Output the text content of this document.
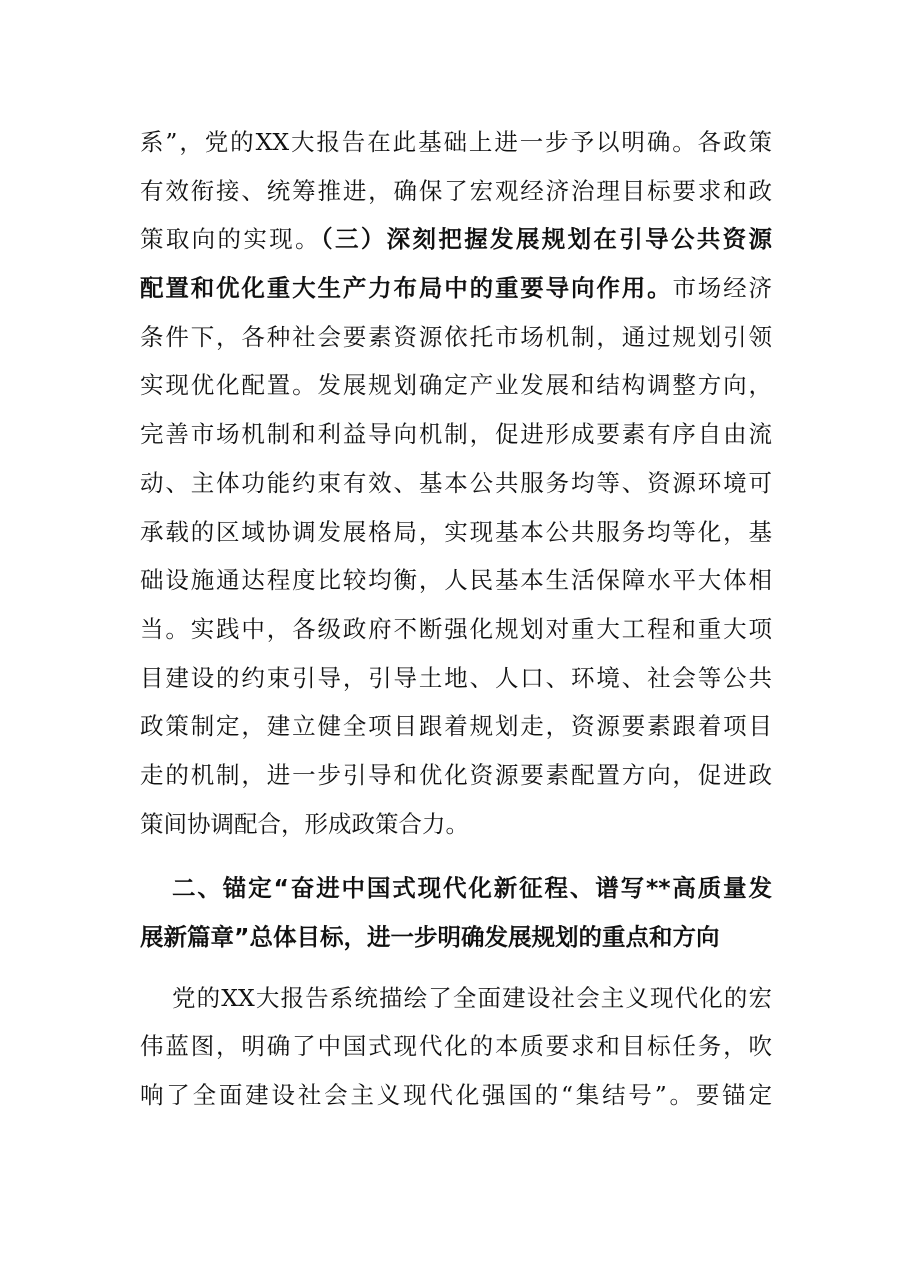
系”，党的XX大报告在此基础上进一步予以明确。各政策
有效衔接、统筹推进，确保了宏观经济治理目标要求和政
策取向的实现。（三）深刻把握发展规划在引导公共资源
配置和优化重大生产力布局中的重要导向作用。市场经济
条件下，各种社会要素资源依托市场机制，通过规划引领
实现优化配置。发展规划确定产业发展和结构调整方向，
完善市场机制和利益导向机制，促进形成要素有序自由流
动、主体功能约束有效、基本公共服务均等、资源环境可
承载的区域协调发展格局，实现基本公共服务均等化，基
础设施通达程度比较均衡，人民基本生活保障水平大体相
当。实践中，各级政府不断强化规划对重大工程和重大项
目建设的约束引导，引导土地、人口、环境、社会等公共
政策制定，建立健全项目跟着规划走，资源要素跟着项目
走的机制，进一步引导和优化资源要素配置方向，促进政
策间协调配合，形成政策合力。
二、锚定“奋进中国式现代化新征程、谱写**高质量发
展新篇章”总体目标，进一步明确发展规划的重点和方向
党的XX大报告系统描绘了全面建设社会主义现代化的宏
伟蓝图，明确了中国式现代化的本质要求和目标任务，吹
响了全面建设社会主义现代化强国的“集结号”。要锚定
